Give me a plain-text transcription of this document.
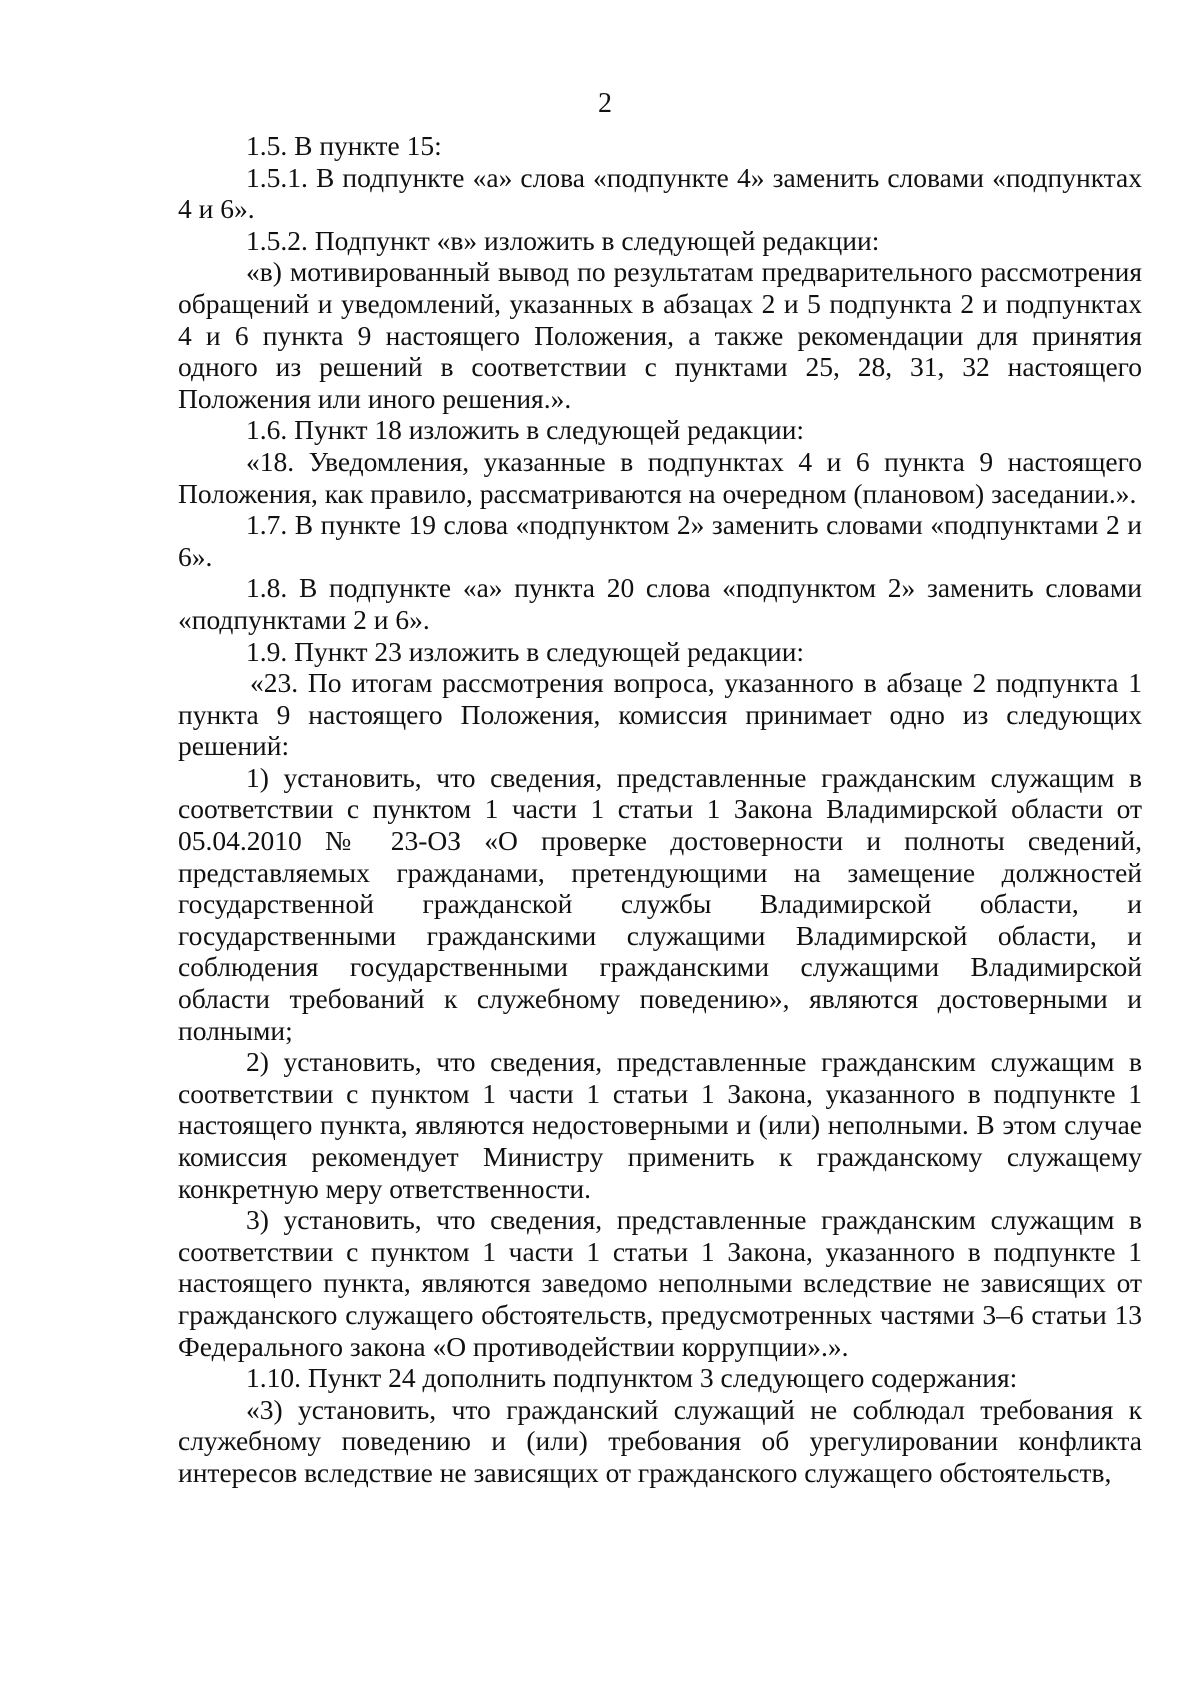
2

1.5. В пункте 15:

1.5.1. В подпункте «а» слова «подпункте 4» заменить словами «подпунктах 4 и 6».

1.5.2. Подпункт «в» изложить в следующей редакции:

«в) мотивированный вывод по результатам предварительного рассмотрения обращений и уведомлений, указанных в абзацах 2 и 5 подпункта 2 и подпунктах 4 и 6 пункта 9 настоящего Положения, а также рекомендации для принятия одного из решений в соответствии с пунктами 25, 28, 31, 32 настоящего Положения или иного решения.».

1.6. Пункт 18 изложить в следующей редакции:

«18. Уведомления, указанные в подпунктах 4 и 6 пункта 9 настоящего Положения, как правило, рассматриваются на очередном (плановом) заседании.».

1.7. В пункте 19 слова «подпунктом 2» заменить словами «подпунктами 2 и 6».

1.8. В подпункте «а» пункта 20 слова «подпунктом 2» заменить словами «подпунктами 2 и 6».

1.9. Пункт 23 изложить в следующей редакции:

«23. По итогам рассмотрения вопроса, указанного в абзаце 2 подпункта 1 пункта 9 настоящего Положения, комиссия принимает одно из следующих решений:

1) установить, что сведения, представленные гражданским служащим в соответствии с пунктом 1 части 1 статьи 1 Закона Владимирской области от 05.04.2010 № 23-ОЗ «О проверке достоверности и полноты сведений, представляемых гражданами, претендующими на замещение должностей государственной гражданской службы Владимирской области, и государственными гражданскими служащими Владимирской области, и соблюдения государственными гражданскими служащими Владимирской области требований к служебному поведению», являются достоверными и полными;

2) установить, что сведения, представленные гражданским служащим в соответствии с пунктом 1 части 1 статьи 1 Закона, указанного в подпункте 1 настоящего пункта, являются недостоверными и (или) неполными. В этом случае комиссия рекомендует Министру применить к гражданскому служащему конкретную меру ответственности.

3) установить, что сведения, представленные гражданским служащим в соответствии с пунктом 1 части 1 статьи 1 Закона, указанного в подпункте 1 настоящего пункта, являются заведомо неполными вследствие не зависящих от гражданского служащего обстоятельств, предусмотренных частями 3–6 статьи 13 Федерального закона «О противодействии коррупции».».

1.10. Пункт 24 дополнить подпунктом 3 следующего содержания:

«3) установить, что гражданский служащий не соблюдал требования к служебному поведению и (или) требования об урегулировании конфликта интересов вследствие не зависящих от гражданского служащего обстоятельств,
